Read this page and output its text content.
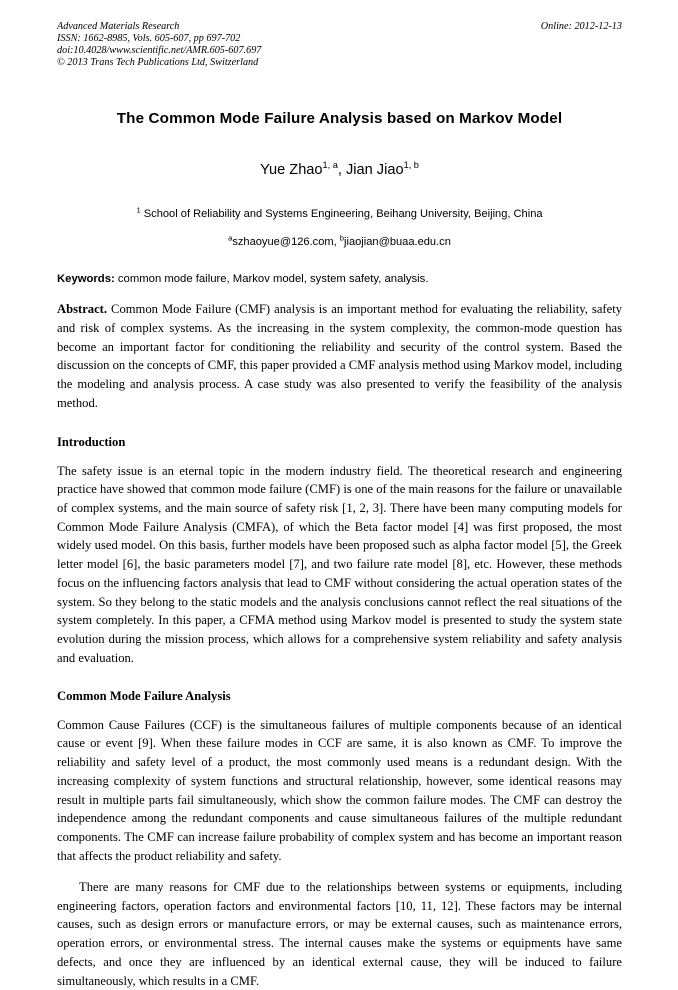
Advanced Materials Research
ISSN: 1662-8985, Vols. 605-607, pp 697-702
doi:10.4028/www.scientific.net/AMR.605-607.697
© 2013 Trans Tech Publications Ltd, Switzerland
Online: 2012-12-13
The Common Mode Failure Analysis based on Markov Model
Yue Zhao$^{1, a}$, Jian Jiao$^{1, b}$
$^1$ School of Reliability and Systems Engineering, Beihang University, Beijing, China
$^a$szhaoyue@126.com, $^b$jiaojian@buaa.edu.cn
Keywords: common mode failure, Markov model, system safety, analysis.
Abstract. Common Mode Failure (CMF) analysis is an important method for evaluating the reliability, safety and risk of complex systems. As the increasing in the system complexity, the common-mode question has become an important factor for conditioning the reliability and security of the control system. Based the discussion on the concepts of CMF, this paper provided a CMF analysis method using Markov model, including the modeling and analysis process. A case study was also presented to verify the feasibility of the analysis method.
Introduction

The safety issue is an eternal topic in the modern industry field. The theoretical research and engineering practice have showed that common mode failure (CMF) is one of the main reasons for the failure or unavailable of complex systems, and the main source of safety risk [1, 2, 3]. There have been many computing models for Common Mode Failure Analysis (CMFA), of which the Beta factor model [4] was first proposed, the most widely used model. On this basis, further models have been proposed such as alpha factor model [5], the Greek letter model [6], the basic parameters model [7], and two failure rate model [8], etc. However, these methods focus on the influencing factors analysis that lead to CMF without considering the actual operation states of the system. So they belong to the static models and the analysis conclusions cannot reflect the real situations of the system completely. In this paper, a CFMA method using Markov model is presented to study the system state evolution during the mission process, which allows for a comprehensive system reliability and safety analysis and evaluation.

Common Mode Failure Analysis

Common Cause Failures (CCF) is the simultaneous failures of multiple components because of an identical cause or event [9]. When these failure modes in CCF are same, it is also known as CMF. To improve the reliability and safety level of a product, the most commonly used means is a redundant design. With the increasing complexity of system functions and structural relationship, however, some identical reasons may result in multiple parts fail simultaneously, which show the common failure modes. The CMF can destroy the independence among the redundant components and cause simultaneous failures of the multiple redundant components. The CMF can increase failure probability of complex system and has become an important reason that affects the product reliability and safety.

There are many reasons for CMF due to the relationships between systems or equipments, including engineering factors, operation factors and environmental factors [10, 11, 12]. These factors may be internal causes, such as design errors or manufacture errors, or may be external causes, such as maintenance errors, operation errors, or environmental stress. The internal causes make the systems or equipments have same defects, and once they are influenced by an identical external cause, they will be induced to failure simultaneously, which results in a CMF.
